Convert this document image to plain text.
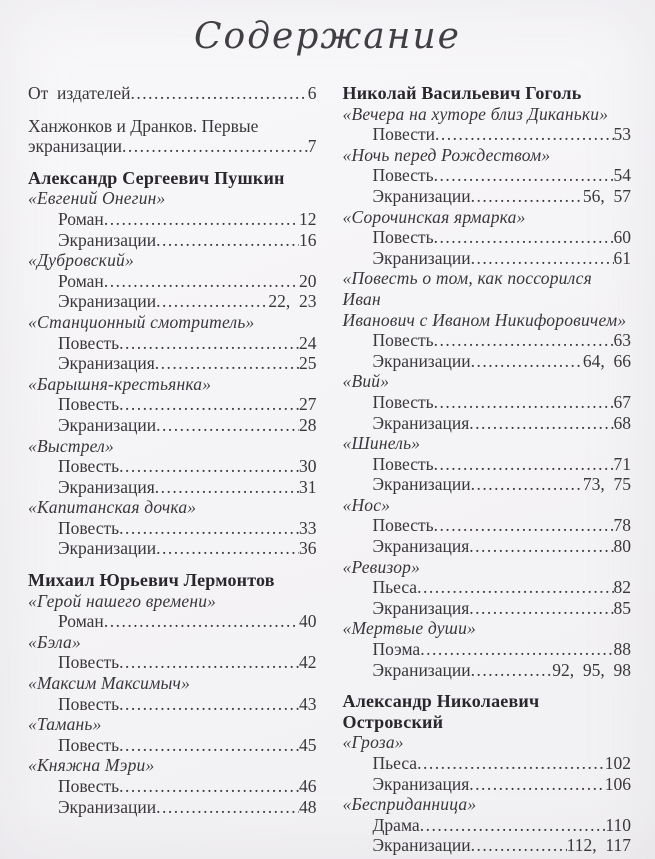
Содержание
От  издателей .....	6
Ханжонков и Дранков. Первые
экранизации .....	7
Александр Сергеевич Пушкин
«Евгений Онегин»
Роман .....	12
Экранизации .....	16
«Дубровский»
Роман .....	20
Экранизации .....	22,  23
«Станционный смотритель»
Повесть .....	24
Экранизация .....	25
«Барышня-крестьянка»
Повесть .....	27
Экранизации .....	28
«Выстрел»
Повесть .....	30
Экранизация .....	31
«Капитанская дочка»
Повесть .....	33
Экранизации .....	36
Михаил Юрьевич Лермонтов
«Герой нашего времени»
Роман .....	40
«Бэла»
Повесть .....	42
«Максим Максимыч»
Повесть .....	43
«Тамань»
Повесть .....	45
«Княжна Мэри»
Повесть .....	46
Экранизации .....	48
Николай Васильевич Гоголь
«Вечера на хуторе близ Диканьки»
Повести .....	53
«Ночь перед Рождеством»
Повесть .....	54
Экранизации .....	56,  57
«Сорочинская ярмарка»
Повесть .....	60
Экранизации .....	61
«Повесть о том, как поссорился Иван
Иванович с Иваном Никифоровичем»
Повесть .....	63
Экранизации .....	64,  66
«Вий»
Повесть .....	67
Экранизация .....	68
«Шинель»
Повесть .....	71
Экранизации .....	73,  75
«Нос»
Повесть .....	78
Экранизация .....	80
«Ревизор»
Пьеса .....	82
Экранизация .....	85
«Мертвые души»
Поэма .....	88
Экранизации .....	92,  95,  98
Александр Николаевич Островский
«Гроза»
Пьеса .....	102
Экранизация .....	106
«Бесприданница»
Драма .....	110
Экранизации .....	112,  117
